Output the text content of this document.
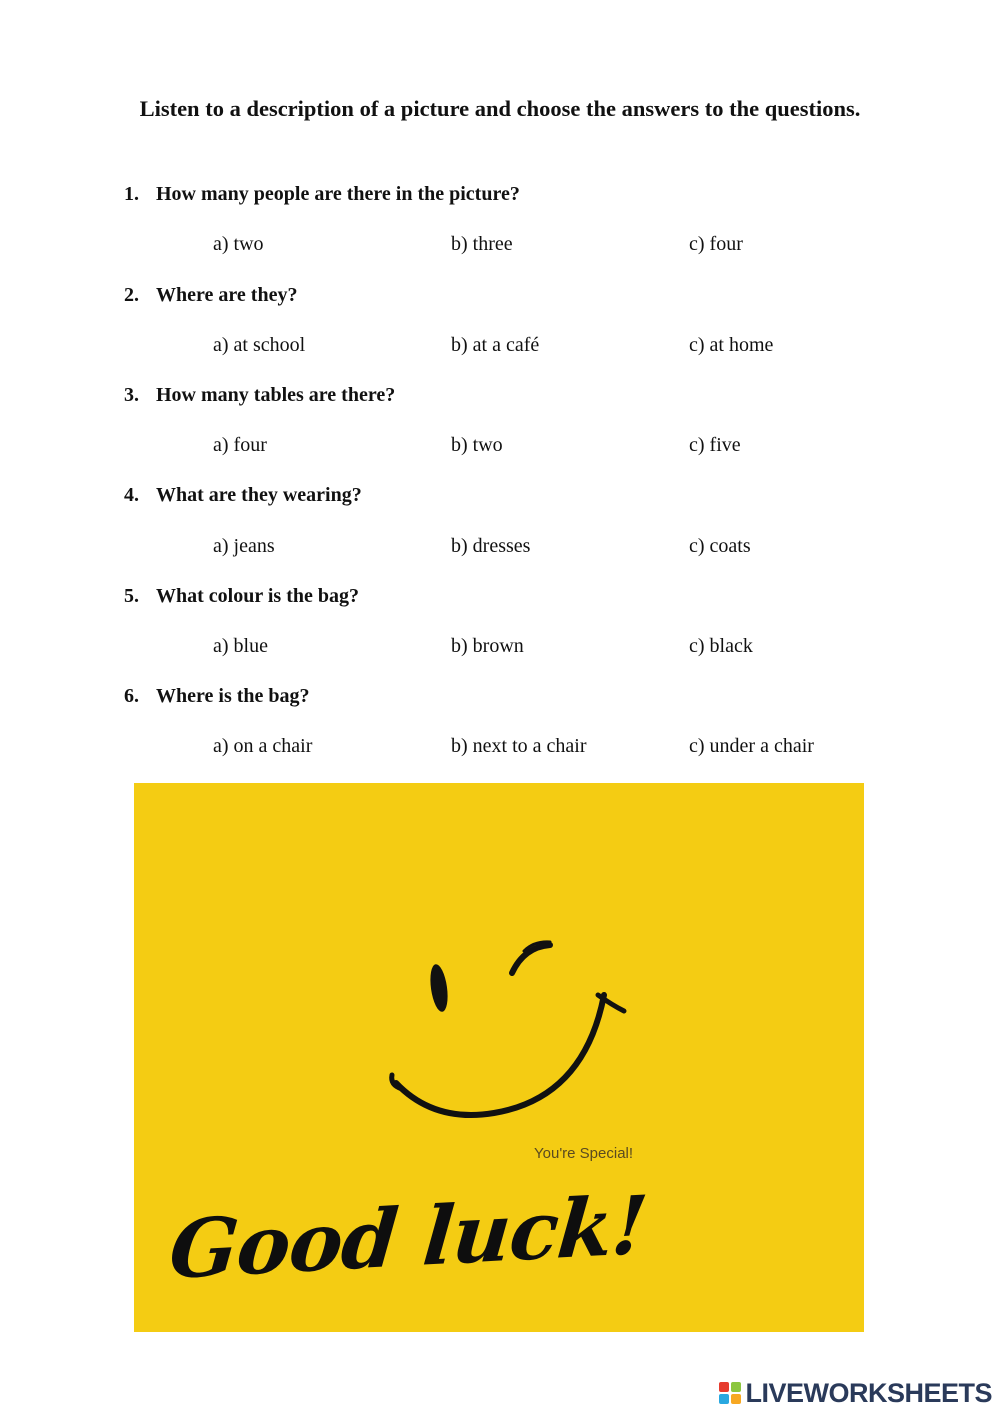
Listen to a description of a picture and choose the answers to the questions.
1. How many people are there in the picture?
a) two	b) three	c) four
2. Where are they?
a) at school	b) at a café	c) at home
3. How many tables are there?
a) four	b) two	c) five
4. What are they wearing?
a) jeans	b) dresses	c) coats
5. What colour is the bag?
a) blue	b) brown	c) black
6. Where is the bag?
a) on a chair	b) next to a chair	c) under a chair
You're Special!
Good luck!
LIVEWORKSHEETS
